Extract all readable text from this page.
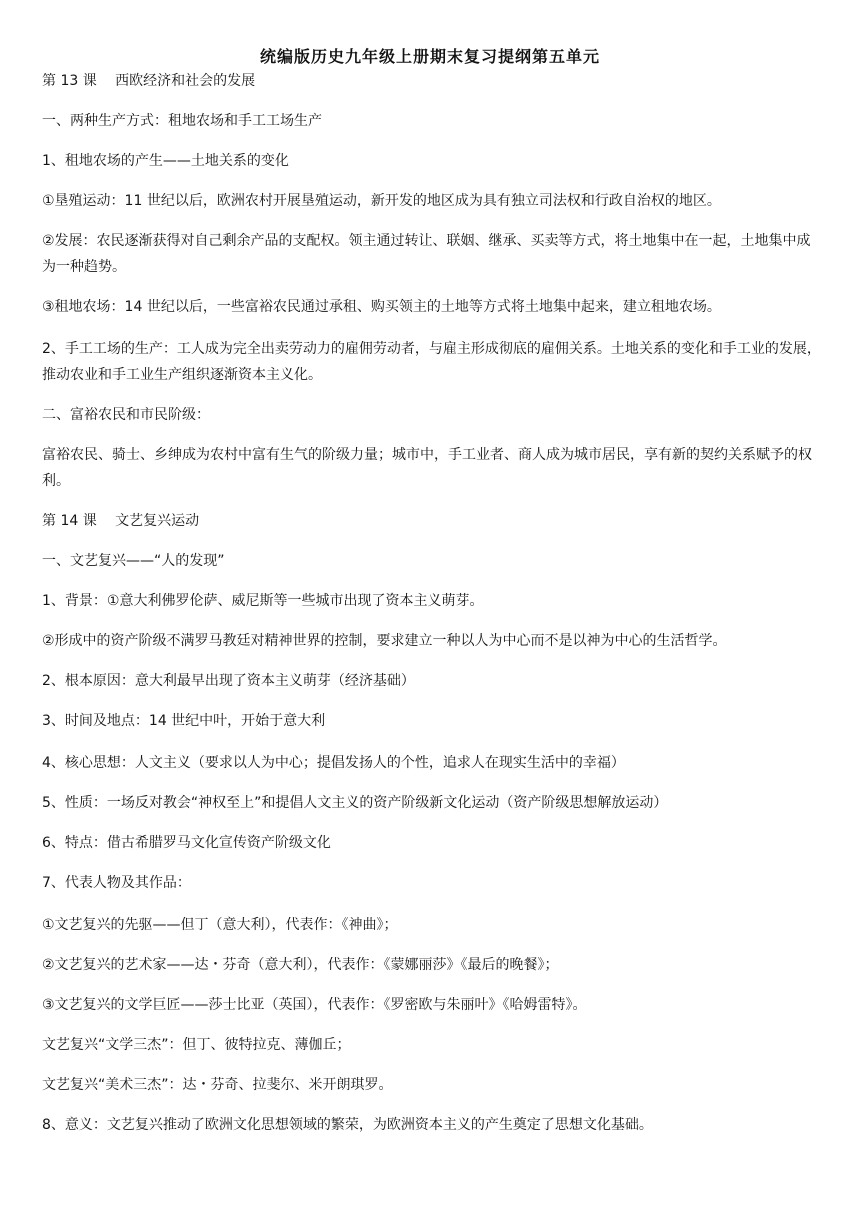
统编版历史九年级上册期末复习提纲第五单元
第 13 课　 西欧经济和社会的发展
一、两种生产方式：租地农场和手工工场生产
1、租地农场的产生——土地关系的变化
①垦殖运动：11 世纪以后，欧洲农村开展垦殖运动，新开发的地区成为具有独立司法权和行政自治权的地区。
②发展：农民逐渐获得对自己剩余产品的支配权。领主通过转让、联姻、继承、买卖等方式，将土地集中在一起，土地集中成为一种趋势。
③租地农场：14 世纪以后，一些富裕农民通过承租、购买领主的土地等方式将土地集中起来，建立租地农场。
2、手工工场的生产：工人成为完全出卖劳动力的雇佣劳动者，与雇主形成彻底的雇佣关系。土地关系的变化和手工业的发展，推动农业和手工业生产组织逐渐资本主义化。
二、富裕农民和市民阶级：
富裕农民、骑士、乡绅成为农村中富有生气的阶级力量；城市中，手工业者、商人成为城市居民，享有新的契约关系赋予的权利。
第 14 课　 文艺复兴运动
一、文艺复兴——“人的发现”
1、背景：①意大利佛罗伦萨、威尼斯等一些城市出现了资本主义萌芽。
②形成中的资产阶级不满罗马教廷对精神世界的控制，要求建立一种以人为中心而不是以神为中心的生活哲学。
2、根本原因：意大利最早出现了资本主义萌芽（经济基础）
3、时间及地点：14 世纪中叶，开始于意大利
4、核心思想：人文主义（要求以人为中心；提倡发扬人的个性，追求人在现实生活中的幸福）
5、性质：一场反对教会“神权至上”和提倡人文主义的资产阶级新文化运动（资产阶级思想解放运动）
6、特点：借古希腊罗马文化宣传资产阶级文化
7、代表人物及其作品：
①文艺复兴的先驱——但丁（意大利），代表作：《神曲》；
②文艺复兴的艺术家——达・芬奇（意大利），代表作：《蒙娜丽莎》《最后的晚餐》；
③文艺复兴的文学巨匠——莎士比亚（英国），代表作：《罗密欧与朱丽叶》《哈姆雷特》。
文艺复兴“文学三杰”：但丁、彼特拉克、薄伽丘；
文艺复兴“美术三杰”：达・芬奇、拉斐尔、米开朗琪罗。
8、意义：文艺复兴推动了欧洲文化思想领域的繁荣，为欧洲资本主义的产生奠定了思想文化基础。
